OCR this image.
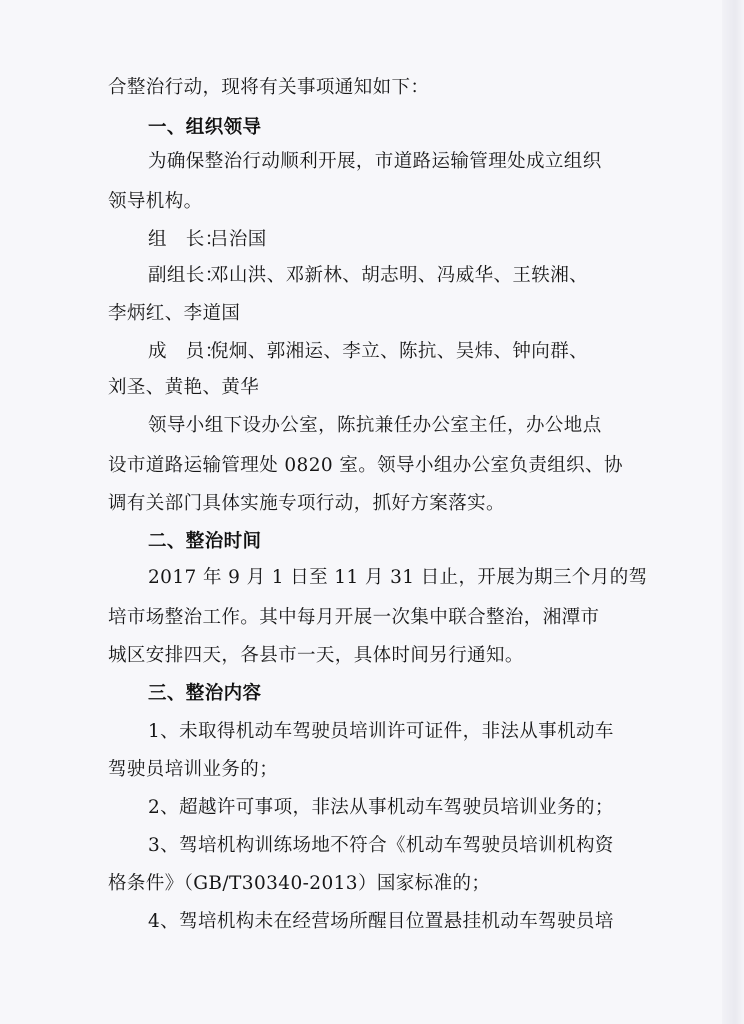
合整治行动，现将有关事项通知如下：

一、组织领导

为确保整治行动顺利开展，市道路运输管理处成立组织

领导机构。

组　长：吕治国

副组长：邓山洪、邓新林、胡志明、冯威华、王轶湘、

李炳红、李道国

成　员：倪炯、郭湘运、李立、陈抗、吴炜、钟向群、

刘圣、黄艳、黄华

领导小组下设办公室，陈抗兼任办公室主任，办公地点

设市道路运输管理处 0820 室。领导小组办公室负责组织、协

调有关部门具体实施专项行动，抓好方案落实。

二、整治时间

2017 年 9 月 1 日至 11 月 31 日止，开展为期三个月的驾

培市场整治工作。其中每月开展一次集中联合整治，湘潭市

城区安排四天，各县市一天，具体时间另行通知。

三、整治内容

1、未取得机动车驾驶员培训许可证件，非法从事机动车

驾驶员培训业务的；

2、超越许可事项，非法从事机动车驾驶员培训业务的；

3、驾培机构训练场地不符合《机动车驾驶员培训机构资

格条件》（GB/T30340-2013）国家标准的；

4、驾培机构未在经营场所醒目位置悬挂机动车驾驶员培
